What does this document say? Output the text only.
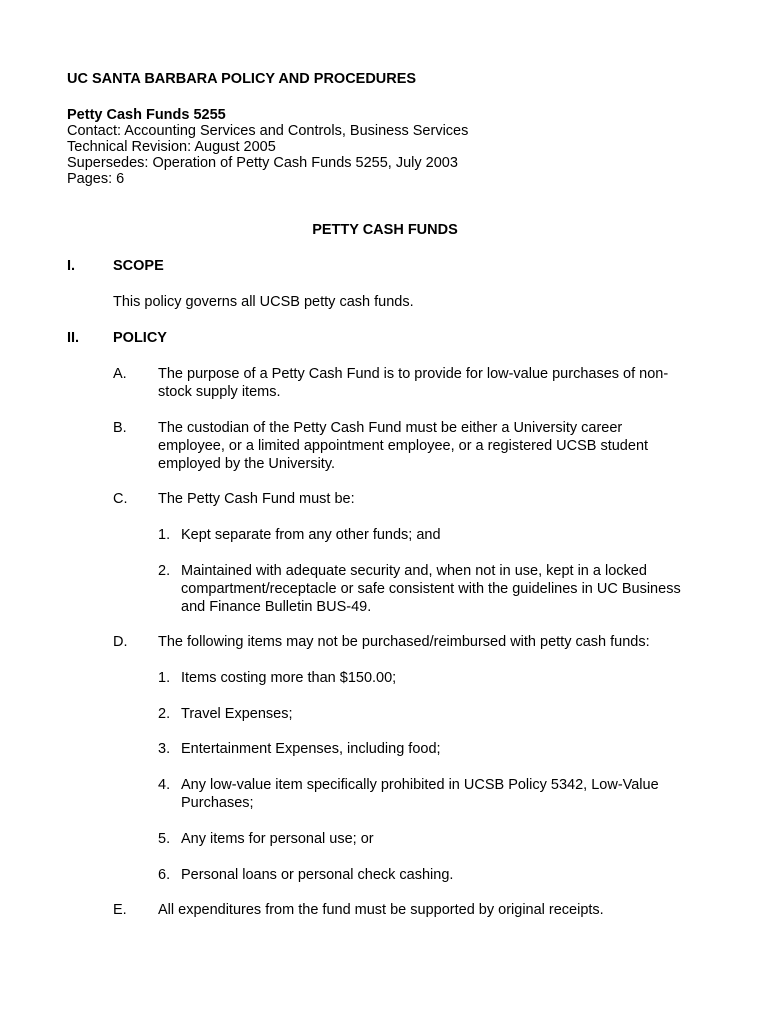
UC SANTA BARBARA POLICY AND PROCEDURES
Petty Cash Funds 5255
Contact: Accounting Services and Controls, Business Services
Technical Revision: August 2005
Supersedes: Operation of Petty Cash Funds 5255, July 2003
Pages: 6
PETTY CASH FUNDS
I.	SCOPE
This policy governs all UCSB petty cash funds.
II. POLICY
A. The purpose of a Petty Cash Fund is to provide for low-value purchases of non-
stock supply items.
B. The custodian of the Petty Cash Fund must be either a University career
employee, or a limited appointment employee, or a registered UCSB student
employed by the University.
C. The Petty Cash Fund must be:
1. Kept separate from any other funds; and
2. Maintained with adequate security and, when not in use, kept in a locked
compartment/receptacle or safe consistent with the guidelines in UC Business
and Finance Bulletin BUS-49.
D. The following items may not be purchased/reimbursed with petty cash funds:
1. Items costing more than $150.00;
2. Travel Expenses;
3. Entertainment Expenses, including food;
4. Any low-value item specifically prohibited in UCSB Policy 5342, Low-Value
Purchases;
5. Any items for personal use; or
6. Personal loans or personal check cashing.
E. All expenditures from the fund must be supported by original receipts.
